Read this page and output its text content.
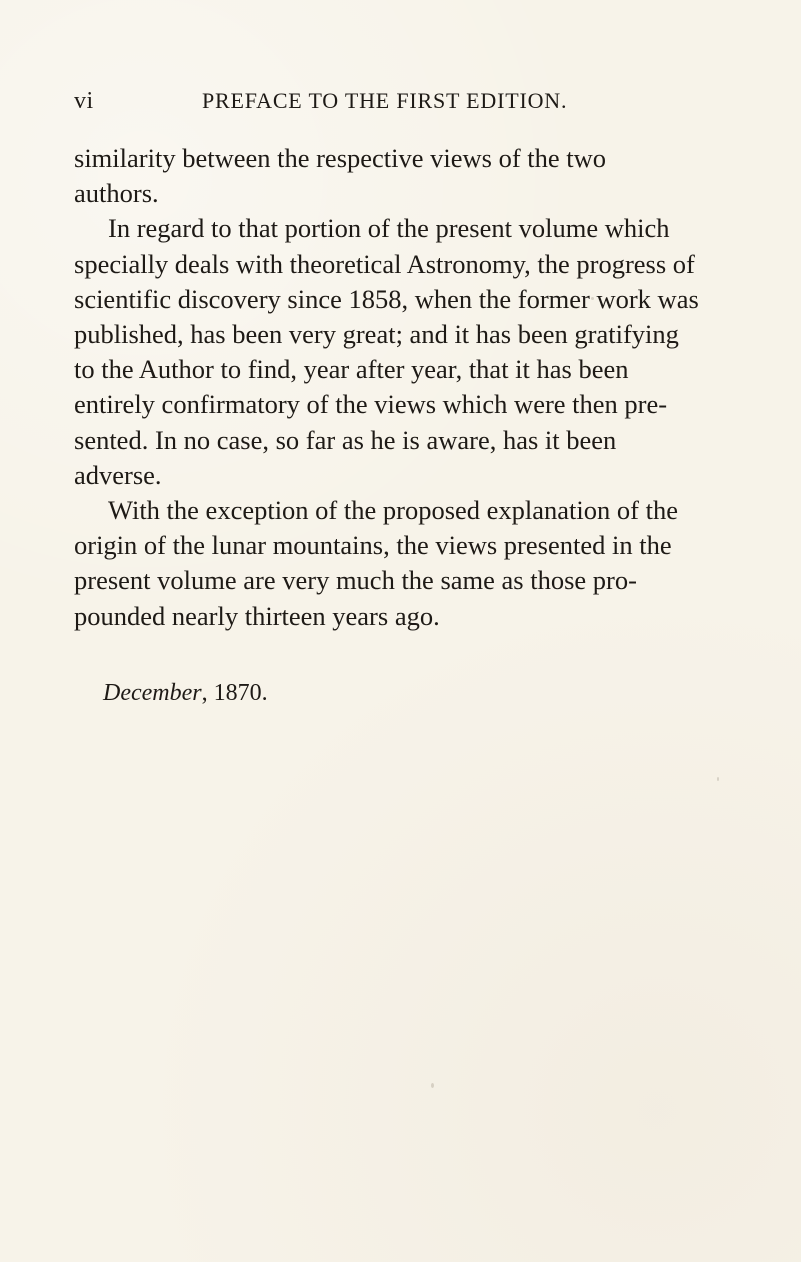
vi	PREFACE TO THE FIRST EDITION.
similarity between the respective views of the two
authors.
In regard to that portion of the present volume which
specially deals with theoretical Astronomy, the progress of
scientific discovery since 1858, when the former work was
published, has been very great; and it has been gratifying
to the Author to find, year after year, that it has been
entirely confirmatory of the views which were then pre-
sented. In no case, so far as he is aware, has it been
adverse.
With the exception of the proposed explanation of the
origin of the lunar mountains, the views presented in the
present volume are very much the same as those pro-
pounded nearly thirteen years ago.
December, 1870.
